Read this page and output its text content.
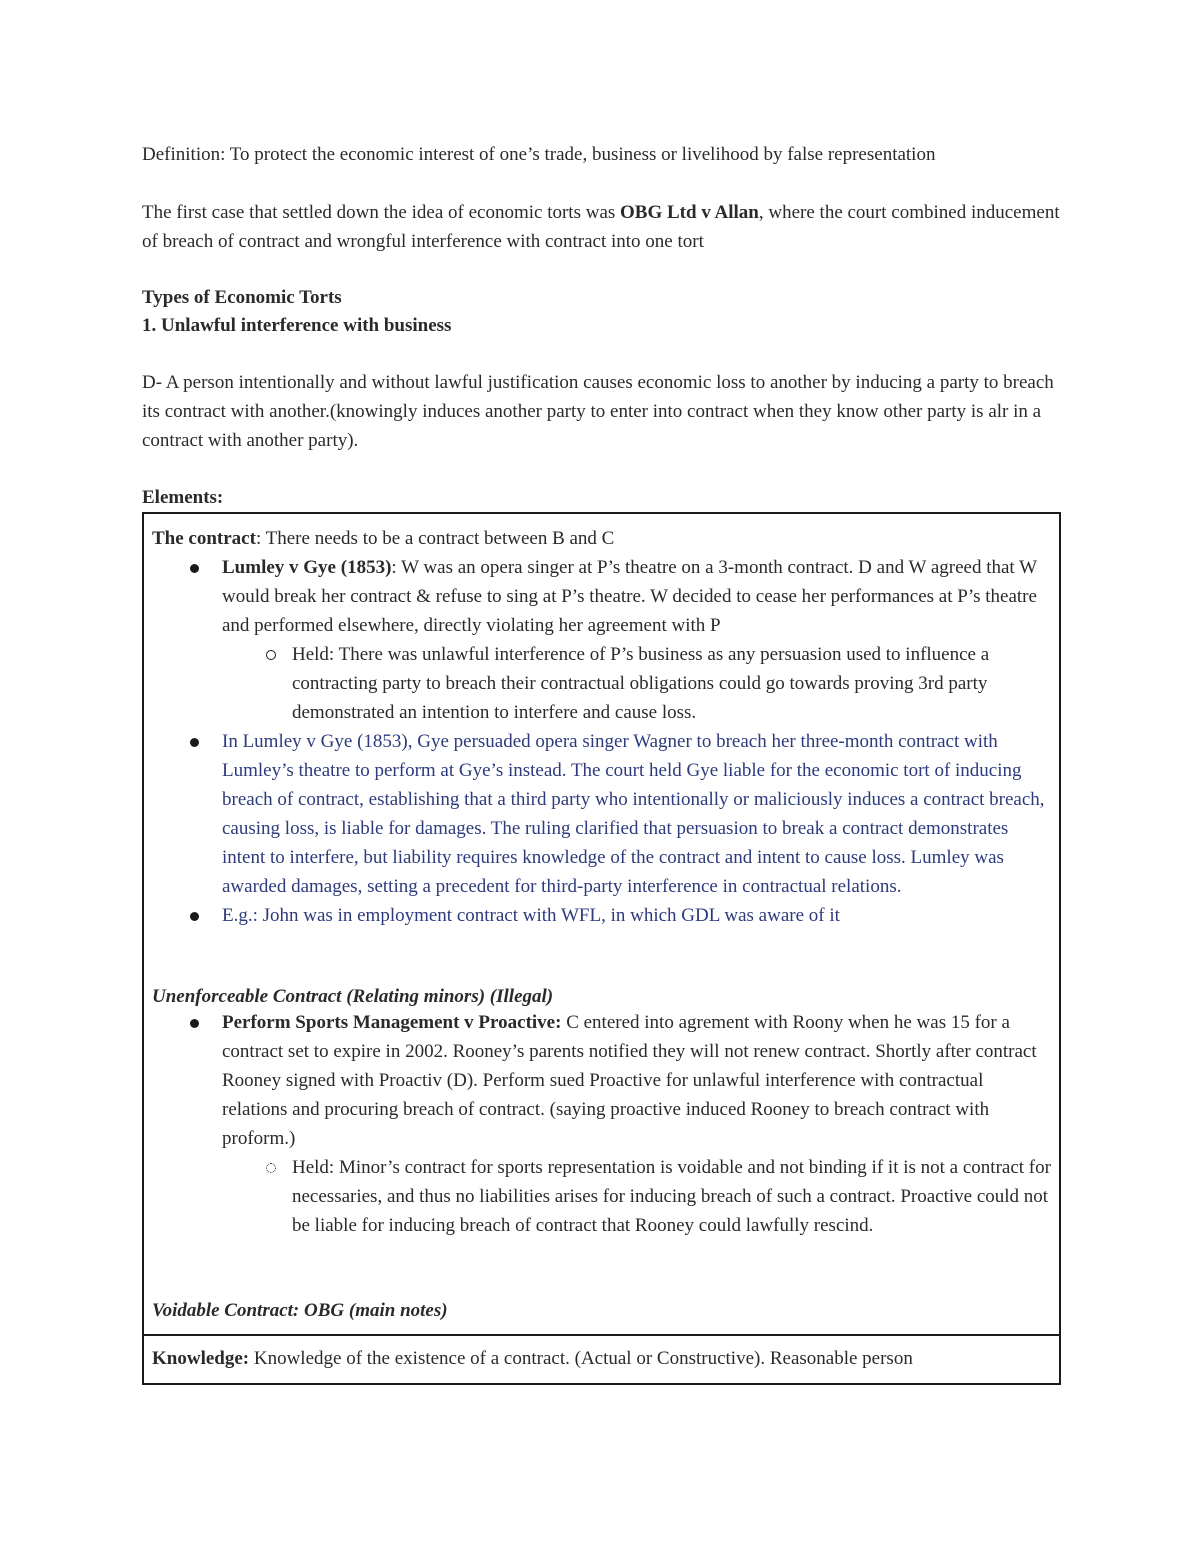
Definition: To protect the economic interest of one’s trade, business or livelihood by false representation
The first case that settled down the idea of economic torts was OBG Ltd v Allan, where the court combined inducement of breach of contract and wrongful interference with contract into one tort
Types of Economic Torts
1. Unlawful interference with business
D- A person intentionally and without lawful justification causes economic loss to another by inducing a party to breach its contract with another.(knowingly induces another party to enter into contract when they know other party is alr in a contract with another party).
Elements:
The contract: There needs to be a contract between B and C
Lumley v Gye (1853): W was an opera singer at P’s theatre on a 3-month contract. D and W agreed that W would break her contract & refuse to sing at P’s theatre. W decided to cease her performances at P’s theatre and performed elsewhere, directly violating her agreement with P
Held: There was unlawful interference of P’s business as any persuasion used to influence a contracting party to breach their contractual obligations could go towards proving 3rd party demonstrated an intention to interfere and cause loss.
In Lumley v Gye (1853), Gye persuaded opera singer Wagner to breach her three-month contract with Lumley’s theatre to perform at Gye’s instead. The court held Gye liable for the economic tort of inducing breach of contract, establishing that a third party who intentionally or maliciously induces a contract breach, causing loss, is liable for damages. The ruling clarified that persuasion to break a contract demonstrates intent to interfere, but liability requires knowledge of the contract and intent to cause loss. Lumley was awarded damages, setting a precedent for third-party interference in contractual relations.
E.g.: John was in employment contract with WFL, in which GDL was aware of it
Unenforceable Contract (Relating minors) (Illegal)
Perform Sports Management v Proactive: C entered into agrement with Roony when he was 15 for a contract set to expire in 2002. Rooney’s parents notified they will not renew contract. Shortly after contract Rooney signed with Proactiv (D). Perform sued Proactive for unlawful interference with contractual relations and procuring breach of contract. (saying proactive induced Rooney to breach contract with proform.)
Held: Minor’s contract for sports representation is voidable and not binding if it is not a contract for necessaries, and thus no liabilities arises for inducing breach of such a contract. Proactive could not be liable for inducing breach of contract that Rooney could lawfully rescind.
Voidable Contract: OBG (main notes)
Knowledge: Knowledge of the existence of a contract. (Actual or Constructive). Reasonable person
